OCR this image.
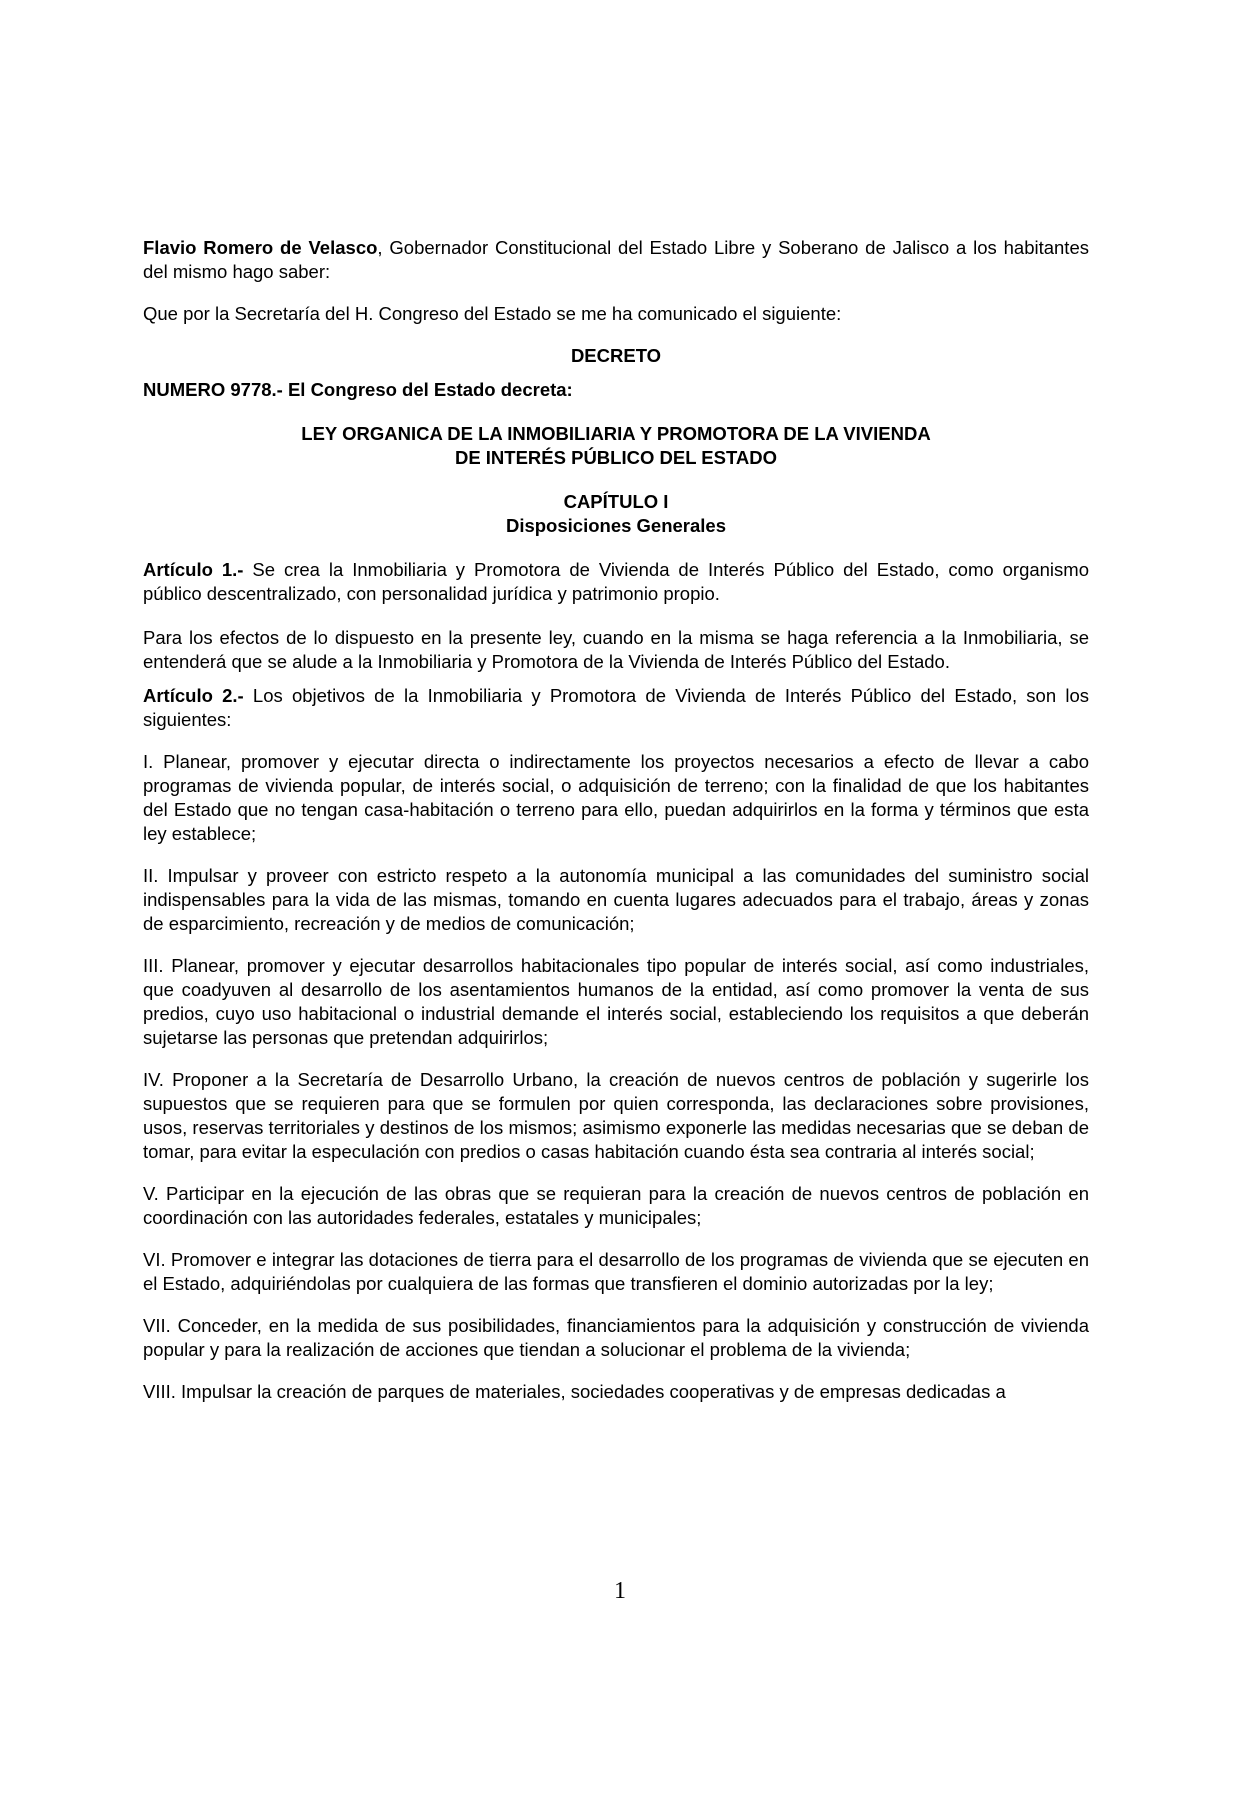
Flavio Romero de Velasco, Gobernador Constitucional del Estado Libre y Soberano de Jalisco a los habitantes del mismo hago saber:

Que por la Secretaría del H. Congreso del Estado se me ha comunicado el siguiente:

DECRETO

NUMERO 9778.- El Congreso del Estado decreta:

LEY ORGANICA DE LA INMOBILIARIA Y PROMOTORA DE LA VIVIENDA
DE INTERÉS PÚBLICO DEL ESTADO

CAPÍTULO I
Disposiciones Generales

Artículo 1.- Se crea la Inmobiliaria y Promotora de Vivienda de Interés Público del Estado, como organismo público descentralizado, con personalidad jurídica y patrimonio propio.

Para los efectos de lo dispuesto en la presente ley, cuando en la misma se haga referencia a la Inmobiliaria, se entenderá que se alude a la Inmobiliaria y Promotora de la Vivienda de Interés Público del Estado.

Artículo 2.- Los objetivos de la Inmobiliaria y Promotora de Vivienda de Interés Público del Estado, son los siguientes:

I. Planear, promover y ejecutar directa o indirectamente los proyectos necesarios a efecto de llevar a cabo programas de vivienda popular, de interés social, o adquisición de terreno; con la finalidad de que los habitantes del Estado que no tengan casa-habitación o terreno para ello, puedan adquirirlos en la forma y términos que esta ley establece;

II. Impulsar y proveer con estricto respeto a la autonomía municipal a las comunidades del suministro social indispensables para la vida de las mismas, tomando en cuenta lugares adecuados para el trabajo, áreas y zonas de esparcimiento, recreación y de medios de comunicación;

III. Planear, promover y ejecutar desarrollos habitacionales tipo popular de interés social, así como industriales, que coadyuven al desarrollo de los asentamientos humanos de la entidad, así como promover la venta de sus predios, cuyo uso habitacional o industrial demande el interés social, estableciendo los requisitos a que deberán sujetarse las personas que pretendan adquirirlos;

IV. Proponer a la Secretaría de Desarrollo Urbano, la creación de nuevos centros de población y sugerirle los supuestos que se requieren para que se formulen por quien corresponda, las declaraciones sobre provisiones, usos, reservas territoriales y destinos de los mismos; asimismo exponerle las medidas necesarias que se deban de tomar, para evitar la especulación con predios o casas habitación cuando ésta sea contraria al interés social;

V. Participar en la ejecución de las obras que se requieran para la creación de nuevos centros de población en coordinación con las autoridades federales, estatales y municipales;

VI. Promover e integrar las dotaciones de tierra para el desarrollo de los programas de vivienda que se ejecuten en el Estado, adquiriéndolas por cualquiera de las formas que transfieren el dominio autorizadas por la ley;

VII. Conceder, en la medida de sus posibilidades, financiamientos para la adquisición y construcción de vivienda popular y para la realización de acciones que tiendan a solucionar el problema de la vivienda;

VIII. Impulsar la creación de parques de materiales, sociedades cooperativas y de empresas dedicadas a

1
